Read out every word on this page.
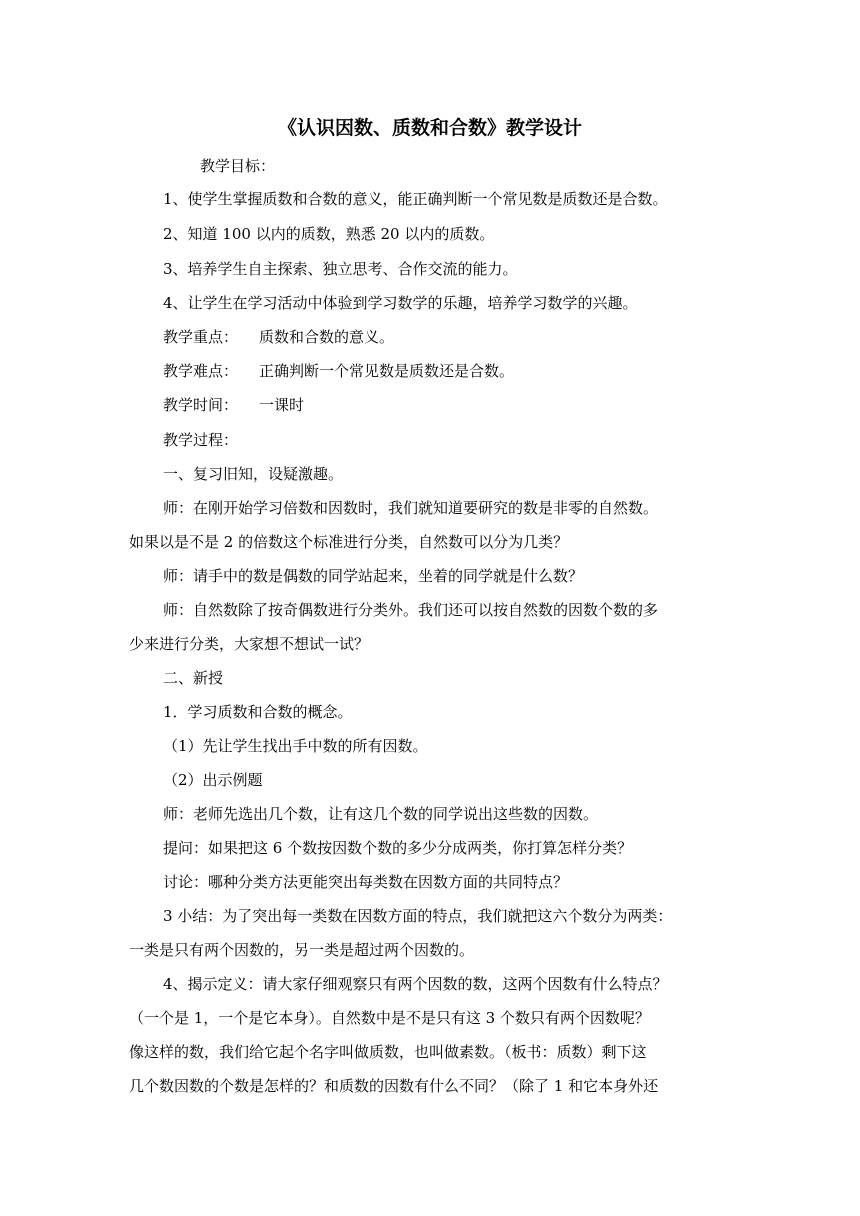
《认识因数、质数和合数》教学设计
教学目标：
1、使学生掌握质数和合数的意义，能正确判断一个常见数是质数还是合数。
2、知道 100 以内的质数，熟悉 20 以内的质数。
3、培养学生自主探索、独立思考、合作交流的能力。
4、让学生在学习活动中体验到学习数学的乐趣，培养学习数学的兴趣。
教学重点： 质数和合数的意义。
教学难点： 正确判断一个常见数是质数还是合数。
教学时间： 一课时
教学过程：
一、复习旧知，设疑激趣。
师：在刚开始学习倍数和因数时，我们就知道要研究的数是非零的自然数。
如果以是不是 2 的倍数这个标准进行分类，自然数可以分为几类？
师：请手中的数是偶数的同学站起来，坐着的同学就是什么数？
师：自然数除了按奇偶数进行分类外。我们还可以按自然数的因数个数的多
少来进行分类，大家想不想试一试？
二、新授
1．学习质数和合数的概念。
（1）先让学生找出手中数的所有因数。
（2）出示例题
师：老师先选出几个数，让有这几个数的同学说出这些数的因数。
提问：如果把这 6 个数按因数个数的多少分成两类，你打算怎样分类？
讨论：哪种分类方法更能突出每类数在因数方面的共同特点？
3 小结：为了突出每一类数在因数方面的特点，我们就把这六个数分为两类：
一类是只有两个因数的，另一类是超过两个因数的。
4、揭示定义：请大家仔细观察只有两个因数的数，这两个因数有什么特点？
（一个是 1，一个是它本身）。自然数中是不是只有这 3 个数只有两个因数呢？
像这样的数，我们给它起个名字叫做质数，也叫做素数。（板书：质数）剩下这
几个数因数的个数是怎样的？和质数的因数有什么不同？（除了 1 和它本身外还
